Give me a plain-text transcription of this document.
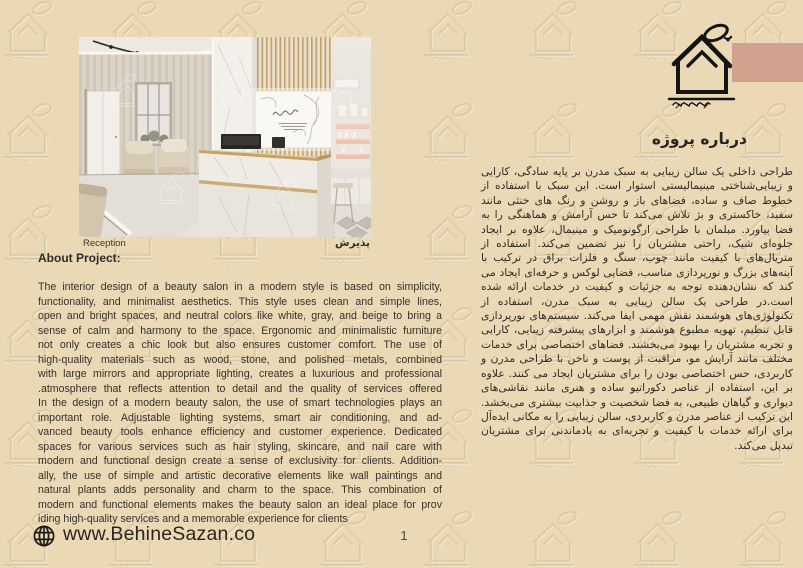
Reception	پذیرش
About Project:
The interior design of a beauty salon in a modern style is based on simplicity,
functionality, and minimalist aesthetics. This style uses clean and simple lines,
open and bright spaces, and neutral colors like white, gray, and beige to bring a
sense of calm and harmony to the space. Ergonomic and minimalistic furniture
not only creates a chic look but also ensures customer comfort. The use of
high-quality materials such as wood, stone, and polished metals, combined
with large mirrors and appropriate lighting, creates a luxurious and professional
.atmosphere that reflects attention to detail and the quality of services offered
In the design of a modern beauty salon, the use of smart technologies plays an
important role. Adjustable lighting systems, smart air conditioning, and ad-
vanced beauty tools enhance efficiency and customer experience. Dedicated
spaces for various services such as hair styling, skincare, and nail care with
modern and functional design create a sense of exclusivity for clients. Addition-
ally, the use of simple and artistic decorative elements like wall paintings and
natural plants adds personality and charm to the space. This combination of
modern and functional elements makes the beauty salon an ideal place for prov
iding high-quality services and a memorable experience for clients
درباره پروژه
طراحی داخلی یک سالن زیبایی به سبک مدرن بر پایه سادگی، کارایی و زیبایی‌شناختی مینیمالیستی استوار است. این سبک با استفاده از خطوط صاف و ساده، فضاهای باز و روشن و رنگ های خنثی مانند سفید، خاکستری و بژ تلاش می‌کند تا حس آرامش و هماهنگی را به فضا بیاورد. مبلمان با طراحی ارگونومیک و مینیمال، علاوه بر ایجاد جلوه‌ای شیک، راحتی مشتریان را نیز تضمین می‌کند. استفاده از متریال‌های با کیفیت مانند چوب، سنگ و فلزات براق در ترکیب با آینه‌های بزرگ و نورپردازی مناسب، فضایی لوکس و حرفه‌ای ایجاد می کند که نشان‌دهنده توجه به جزئیات و کیفیت در خدمات ارائه شده است.در طراحی یک سالن زیبایی به سبک مدرن، استفاده از تکنولوژی‌های هوشمند نقش مهمی ایفا می‌کند. سیستم‌های نورپردازی قابل تنظیم، تهویه مطبوع هوشمند و ابزارهای پیشرفته زیبایی، کارایی و تجربه مشتریان را بهبود می‌بخشند. فضاهای اختصاصی برای خدمات مختلف مانند آرایش مو، مراقبت از پوست و ناخن با طراحی مدرن و کاربردی، حس اختصاصی بودن را برای مشتریان ایجاد می کنند. علاوه بر این، استفاده از عناصر دکوراتیو ساده و هنری مانند نقاشی‌های دیواری و گیاهان طبیعی، به فضا شخصیت و جذابیت بیشتری می‌بخشد. این ترکیب از عناصر مدرن و کاربردی، سالن زیبایی را به مکانی ایده‌آل برای ارائه خدمات با کیفیت و تجربه‌ای به یادماندنی برای مشتریان تبدیل می‌کند.
www.BehineSazan.co	1
